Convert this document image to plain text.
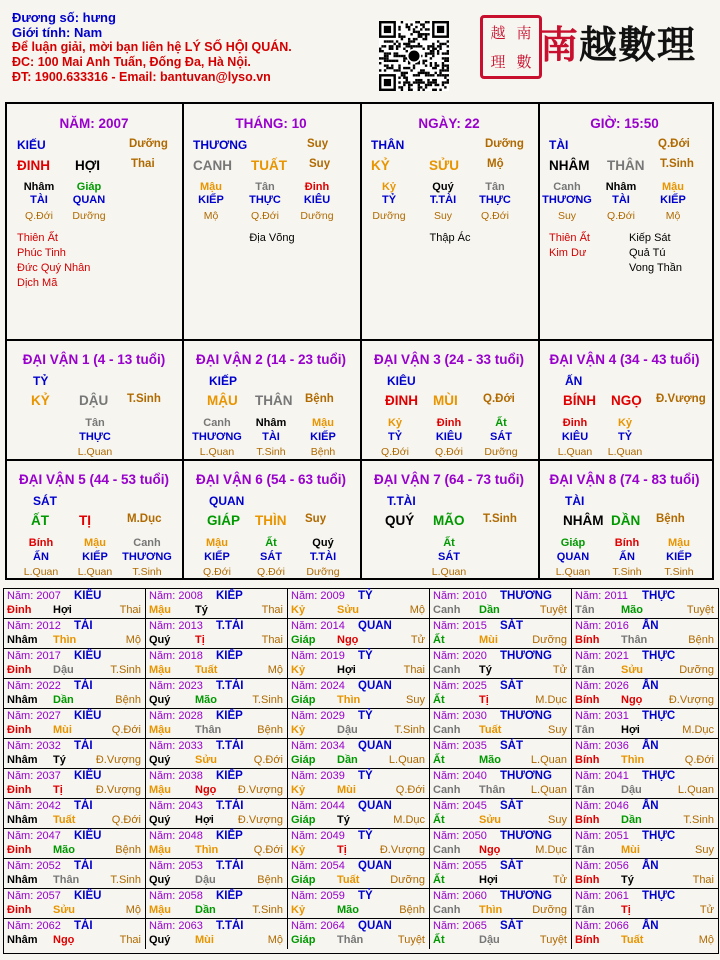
Đương số: hưng
Giới tính: Nam
Để luận giải, mời bạn liên hệ LÝ SỐ HỘI QUÁN.
ĐC: 100 Mai Anh Tuấn, Đống Đa, Hà Nội.
ĐT: 1900.633316 - Email: bantuvan@lyso.vn
越 南
理 數 南越數理
NĂM: 2007
KIẾU	Dưỡng
ĐINH HỢI	Thai
Nhâm
TÀI
Q.Đới
Giáp
QUAN
Dưỡng
Thiên Ất
Phúc Tinh
Đức Quý Nhân
Dịch Mã
THÁNG: 10
THƯƠNG	Suy
CANH TUẤT Suy
Mậu
KIẾP
Mộ
Tân
THỰC
Q.Đới
Đinh
KIÊU
Dưỡng
Địa Võng
NGÀY: 22
THÂN	Dưỡng
KỶ	SỬU Mộ
Kỷ
TỶ
Dưỡng
Quý
T.TÀI
Suy
Tân
THỰC
Q.Đới
Thập Ác
GIỜ: 15:50
TÀI	Q.Đới
NHÂM THÂN T.Sinh
Canh
THƯƠNG
Suy
Nhâm
TÀI
Q.Đới
Mậu
KIẾP
Mộ
Thiên Ất
Kim Dư
Kiếp Sát
Quả Tú
Vong Thần
ĐẠI VẬN 1 (4 - 13 tuổi)
TỶ
KỶ DẬU T.Sinh
Tân
THỰC
L.Quan
ĐẠI VẬN 2 (14 - 23 tuổi)
KIẾP
MẬU THÂN Bệnh
Canh
THƯƠNG
L.Quan
Nhâm
TÀI
T.Sinh
Mậu
KIẾP
Bệnh
ĐẠI VẬN 3 (24 - 33 tuổi)
KIÊU
ĐINH MÙI Q.Đới
Kỷ
TỶ
Q.Đới
Đinh
KIÊU
Q.Đới
Ất
SÁT
Dưỡng
ĐẠI VẬN 4 (34 - 43 tuổi)
ẤN
BÍNH NGỌ Đ.Vượng
Đinh
KIÊU
L.Quan
Kỷ
TỶ
L.Quan
ĐẠI VẬN 5 (44 - 53 tuổi)
SÁT
ẤT TỊ	M.Dục
Bính
ẤN
L.Quan
Mậu
KIẾP
L.Quan
Canh
THƯƠNG
T.Sinh
ĐẠI VẬN 6 (54 - 63 tuổi)
QUAN
GIÁP THÌN Suy
Mậu
KIẾP
Q.Đới
Ất
SÁT
Q.Đới
Quý
T.TÀI
Dưỡng
ĐẠI VẬN 7 (64 - 73 tuổi)
T.TÀI
QUÝ MÃO T.Sinh
Ất
SÁT
L.Quan
ĐẠI VẬN 8 (74 - 83 tuổi)
TÀI
NHÂM DẦN Bệnh
Giáp
QUAN
L.Quan
Bính
ẤN
T.Sinh
Mậu
KIẾP
T.Sinh
Năm: 2007 KIÊU
Đinh Hợi	Thai
Năm: 2008 KIẾP
Mậu Tý	Thai
Năm: 2009 TỶ
Kỷ	Sửu	Mộ
Năm: 2010 THƯƠNG
Canh Dần	Tuyệt
Năm: 2011 THỰC
Tân Mão	Tuyệt
Năm: 2012 TÀI
Nhâm Thìn	Mộ
Năm: 2013 T.TÀI
Quý Tị	Thai
Năm: 2014 QUAN
Giáp Ngọ	Tử
Năm: 2015 SÁT
Ất	Mùi	Dưỡng
Năm: 2016 ẤN
Bính Thân	Bệnh
Năm: 2017 KIÊU
Đinh Dậu	T.Sinh
Năm: 2018 KIẾP
Mậu Tuất	Mộ
Năm: 2019 TỶ
Kỷ	Hợi	Thai
Năm: 2020 THƯƠNG
Canh Tý	Tử
Năm: 2021 THỰC
Tân Sửu	Dưỡng
Năm: 2022 TÀI
Nhâm Dần	Bệnh
Năm: 2023 T.TÀI
Quý Mão	T.Sinh
Năm: 2024 QUAN
Giáp Thìn	Suy
Năm: 2025 SÁT
Ất	Tị	M.Dục
Năm: 2026 ẤN
Bính Ngọ Đ.Vượng
Năm: 2027 KIÊU
Đinh Mùi	Q.Đới
Năm: 2028 KIẾP
Mậu Thân	Bệnh
Năm: 2029 TỶ
Kỷ	Dậu	T.Sinh
Năm: 2030 THƯƠNG
Canh Tuất	Suy
Năm: 2031 THỰC
Tân Hợi	M.Dục
Năm: 2032 TÀI
Nhâm Tý	Đ.Vượng
Năm: 2033 T.TÀI
Quý Sửu	Q.Đới
Năm: 2034 QUAN
Giáp Dần	L.Quan
Năm: 2035 SÁT
Ất	Mão	L.Quan
Năm: 2036 ẤN
Bính Thìn	Q.Đới
Năm: 2037 KIÊU
Đinh Tị	Đ.Vượng
Năm: 2038 KIẾP
Mậu Ngọ Đ.Vượng
Năm: 2039 TỶ
Kỷ	Mùi	Q.Đới
Năm: 2040 THƯƠNG
Canh Thân L.Quan
Năm: 2041 THỰC
Tân Dậu	L.Quan
Năm: 2042 TÀI
Nhâm Tuất	Q.Đới
Năm: 2043 T.TÀI
Quý Hợi Đ.Vượng
Năm: 2044 QUAN
Giáp Tý	M.Dục
Năm: 2045 SÁT
Ất	Sửu	Suy
Năm: 2046 ẤN
Bính Dần	T.Sinh
Năm: 2047 KIÊU
Đinh Mão	Bệnh
Năm: 2048 KIẾP
Mậu Thìn	Q.Đới
Năm: 2049 TỶ
Kỷ	Tị	Đ.Vượng
Năm: 2050 THƯƠNG
Canh Ngọ	M.Dục
Năm: 2051 THỰC
Tân Mùi	Suy
Năm: 2052 TÀI
Nhâm Thân	T.Sinh
Năm: 2053 T.TÀI
Quý Dậu	Bệnh
Năm: 2054 QUAN
Giáp Tuất	Dưỡng
Năm: 2055 SÁT
Ất	Hợi	Tử
Năm: 2056 ẤN
Bính Tý	Thai
Năm: 2057 KIÊU
Đinh Sửu	Mộ
Năm: 2058 KIẾP
Mậu Dần	T.Sinh
Năm: 2059 TỶ
Kỷ	Mão	Bệnh
Năm: 2060 THƯƠNG
Canh Thìn	Dưỡng
Năm: 2061 THỰC
Tân Tị	Tử
Năm: 2062 TÀI
Nhâm Ngọ	Thai
Năm: 2063 T.TÀI
Quý Mùi	Mộ
Năm: 2064 QUAN
Giáp Thân	Tuyệt
Năm: 2065 SÁT
Ất	Dậu	Tuyệt
Năm: 2066 ẤN
Bính Tuất	Mộ
